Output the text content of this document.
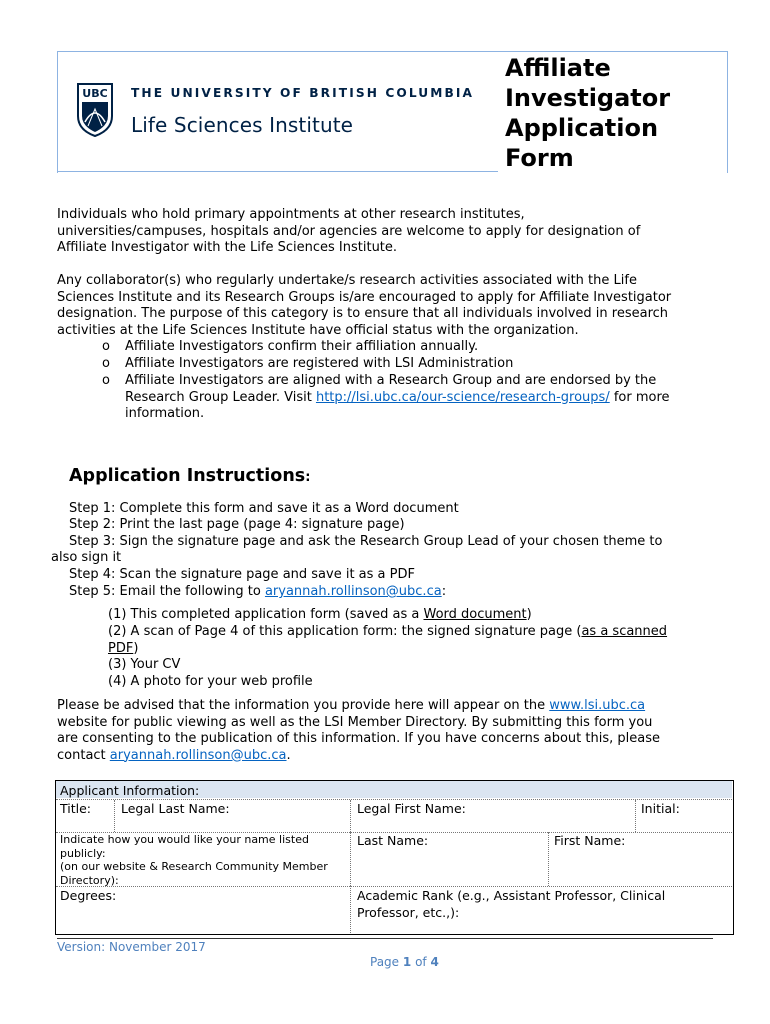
UBC THE UNIVERSITY OF BRITISH COLUMBIA
Life Sciences Institute
Affiliate
Investigator
Application
Form
Individuals who hold primary appointments at other research institutes,
universities/campuses, hospitals and/or agencies are welcome to apply for designation of
Affiliate Investigator with the Life Sciences Institute.
Any collaborator(s) who regularly undertake/s research activities associated with the Life
Sciences Institute and its Research Groups is/are encouraged to apply for Affiliate Investigator
designation. The purpose of this category is to ensure that all individuals involved in research
activities at the Life Sciences Institute have official status with the organization.
o Affiliate Investigators confirm their affiliation annually.
o Affiliate Investigators are registered with LSI Administration
o Affiliate Investigators are aligned with a Research Group and are endorsed by the
Research Group Leader. Visit http://lsi.ubc.ca/our-science/research-groups/ for more
information.
Application Instructions:
Step 1: Complete this form and save it as a Word document
Step 2: Print the last page (page 4: signature page)
Step 3: Sign the signature page and ask the Research Group Lead of your chosen theme to
also sign it
Step 4: Scan the signature page and save it as a PDF
Step 5: Email the following to aryannah.rollinson@ubc.ca:
(1) This completed application form (saved as a Word document)
(2) A scan of Page 4 of this application form: the signed signature page (as a scanned
PDF)
(3) Your CV
(4) A photo for your web profile
Please be advised that the information you provide here will appear on the www.lsi.ubc.ca
website for public viewing as well as the LSI Member Directory. By submitting this form you
are consenting to the publication of this information. If you have concerns about this, please
contact aryannah.rollinson@ubc.ca.
Applicant Information:
Title: Legal Last Name:	Legal First Name:	Initial:
Indicate how you would like your name listed
publicly:
(on our website & Research Community Member
Directory):
Last Name:	First Name:
Degrees:	Academic Rank (e.g., Assistant Professor, Clinical
Professor, etc.,):
Version: November 2017
Page 1 of 4
